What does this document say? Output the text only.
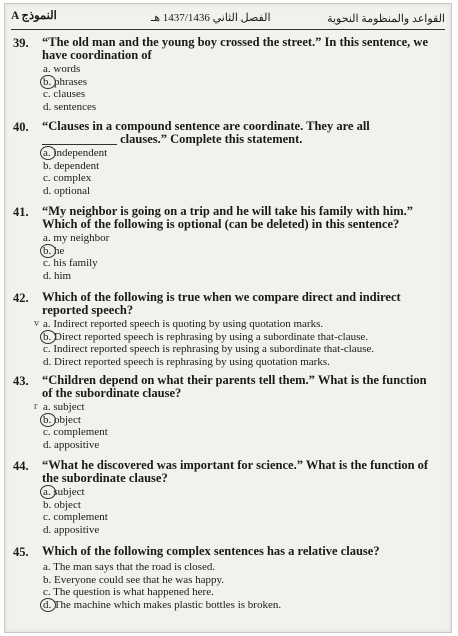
A النموذج	الفصل الثاني 1437/1436 هـ	القواعد والمنظومة النحوية
39.	“The old man and the young boy crossed the street.” In this sentence, we have coordination of
a. words
b. phrases
c. clauses
d. sentences
40.	“Clauses in a compound sentence are coordinate. They are all ____________ clauses.” Complete this statement.
a. independent
b. dependent
c. complex
d. optional
41.	“My neighbor is going on a trip and he will take his family with him.” Which of the following is optional (can be deleted) in this sentence?
a. my neighbor
b. he
c. his family
d. him
42.	Which of the following is true when we compare direct and indirect reported speech?
v a. Indirect reported speech is quoting by using quotation marks.
b. Direct reported speech is rephrasing by using a subordinate that-clause.
c. Indirect reported speech is rephrasing by using a subordinate that-clause.
d. Direct reported speech is rephrasing by using quotation marks.
43.	“Children depend on what their parents tell them.” What is the function of the subordinate clause?
r a. subject
b. object
c. complement
d. appositive
44.	“What he discovered was important for science.” What is the function of the subordinate clause?
a. subject
b. object
c. complement
d. appositive
45.	Which of the following complex sentences has a relative clause?
a. The man says that the road is closed.
b. Everyone could see that he was happy.
c. The question is what happened here.
d. The machine which makes plastic bottles is broken.
